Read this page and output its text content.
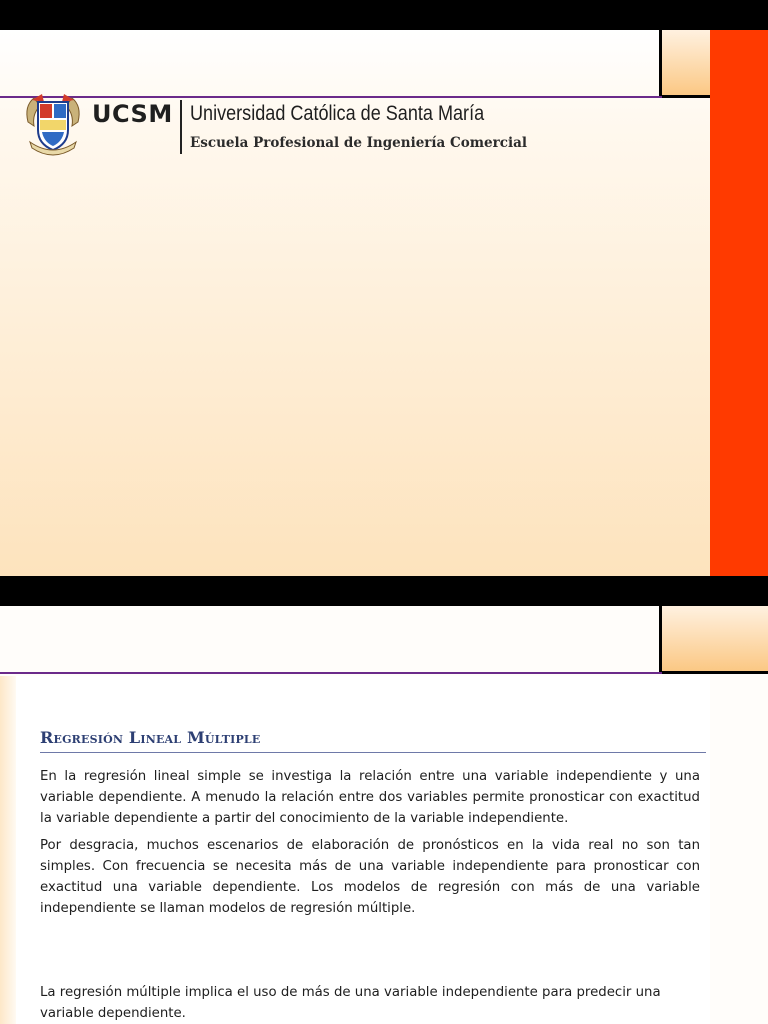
UCSM Universidad Católica de Santa María
Escuela Profesional de Ingeniería Comercial
Regresión Lineal Múltiple

En la regresión lineal simple se investiga la relación entre una variable independiente y una variable dependiente. A menudo la relación entre dos variables permite pronosticar con exactitud la variable dependiente a partir del conocimiento de la variable independiente.

Por desgracia, muchos escenarios de elaboración de pronósticos en la vida real no son tan simples. Con frecuencia se necesita más de una variable independiente para pronosticar con exactitud una variable dependiente. Los modelos de regresión con más de una variable independiente se llaman modelos de regresión múltiple.

La regresión múltiple implica el uso de más de una variable independiente para predecir una variable dependiente.
